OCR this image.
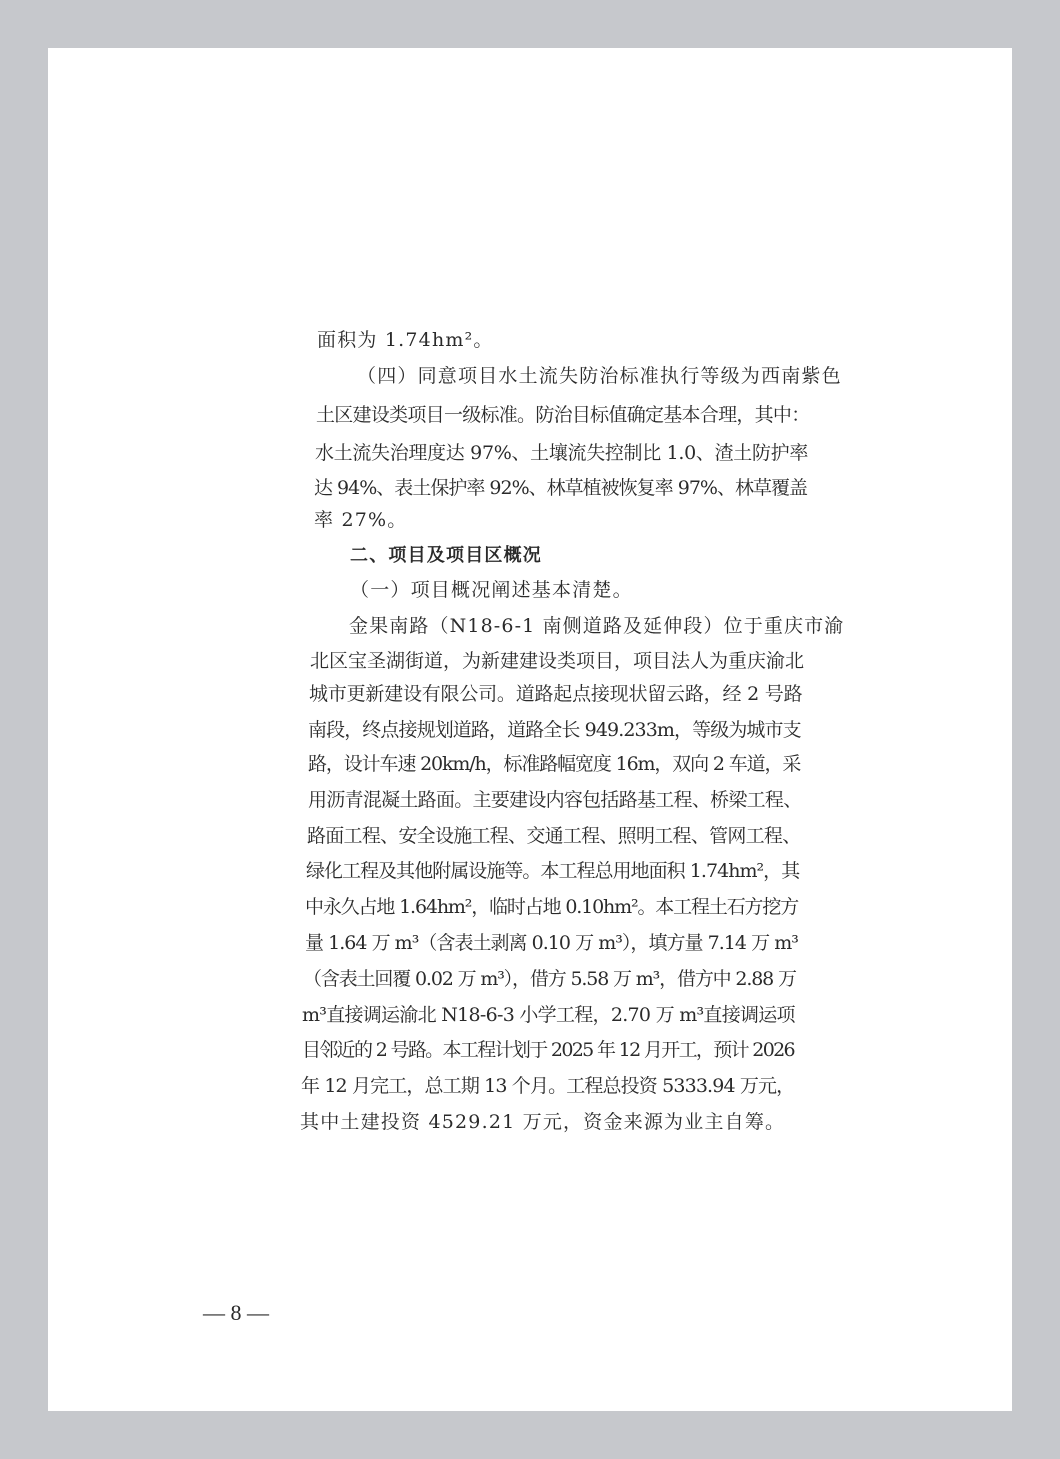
面积为 1.74hm²。
（四）同意项目水土流失防治标准执行等级为西南紫色
土区建设类项目一级标准。防治目标值确定基本合理，其中：
水土流失治理度达 97%、土壤流失控制比 1.0、渣土防护率
达 94%、表土保护率 92%、林草植被恢复率 97%、林草覆盖
率 27%。
二、项目及项目区概况
（一）项目概况阐述基本清楚。
金果南路（N18-6-1 南侧道路及延伸段）位于重庆市渝
北区宝圣湖街道，为新建建设类项目，项目法人为重庆渝北
城市更新建设有限公司。道路起点接现状留云路，经 2 号路
南段，终点接规划道路，道路全长 949.233m，等级为城市支
路，设计车速 20km/h，标准路幅宽度 16m，双向 2 车道，采
用沥青混凝土路面。主要建设内容包括路基工程、桥梁工程、
路面工程、安全设施工程、交通工程、照明工程、管网工程、
绿化工程及其他附属设施等。本工程总用地面积 1.74hm²，其
中永久占地 1.64hm²，临时占地 0.10hm²。本工程土石方挖方
量 1.64 万 m³（含表土剥离 0.10 万 m³），填方量 7.14 万 m³
（含表土回覆 0.02 万 m³），借方 5.58 万 m³，借方中 2.88 万
m³直接调运渝北 N18-6-3 小学工程，2.70 万 m³直接调运项
目邻近的 2 号路。本工程计划于 2025 年 12 月开工，预计 2026
年 12 月完工，总工期 13 个月。工程总投资 5333.94 万元，
其中土建投资 4529.21 万元，资金来源为业主自筹。
— 8 —
